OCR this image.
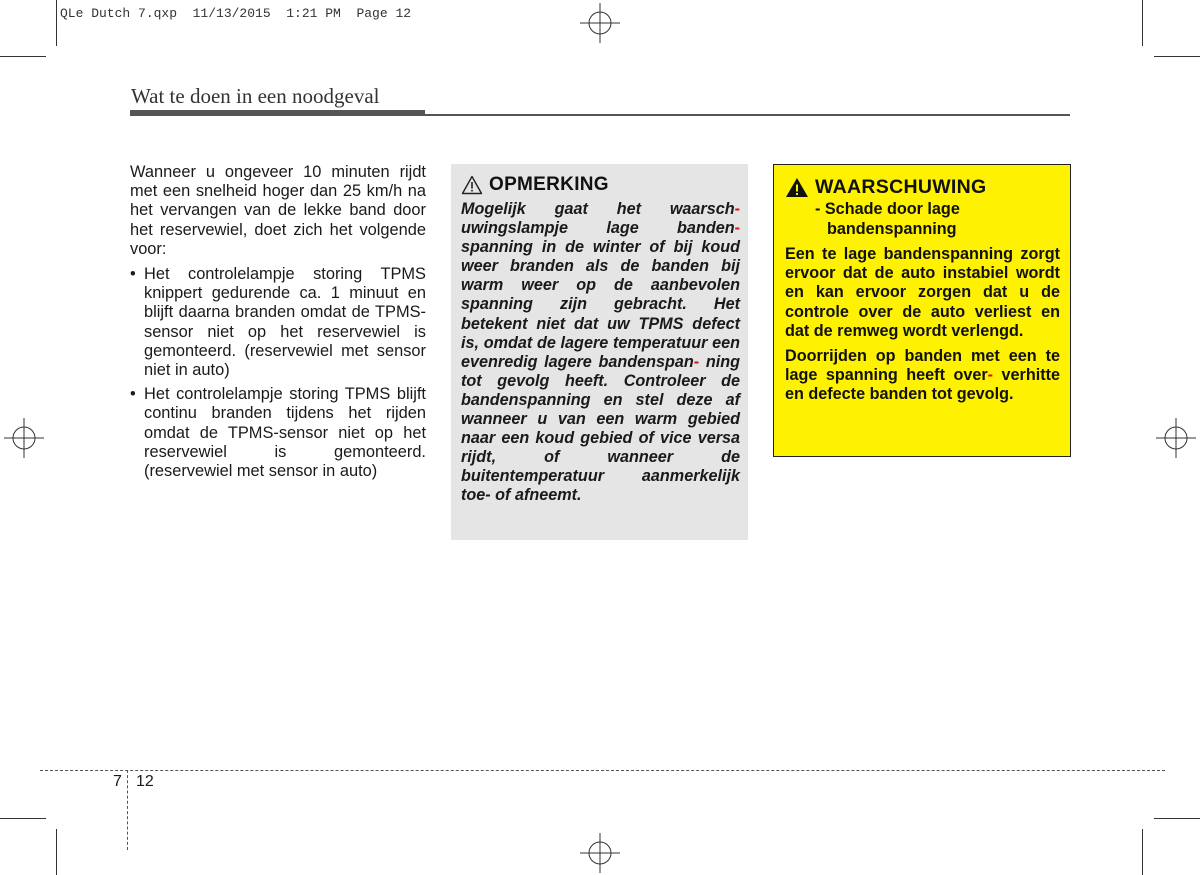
QLe Dutch 7.qxp  11/13/2015  1:21 PM  Page 12
Wat te doen in een noodgeval

Wanneer u ongeveer 10 minuten rijdt met een snelheid hoger dan 25 km/h na het vervangen van de lekke band door het reservewiel, doet zich het volgende voor:

• Het controlelampje storing TPMS knippert gedurende ca. 1 minuut en blijft daarna branden omdat de TPMS-sensor niet op het reservewiel is gemonteerd. (reservewiel met sensor niet in auto)
• Het controlelampje storing TPMS blijft continu branden tijdens het rijden omdat de TPMS-sensor niet op het reservewiel is gemonteerd. (reservewiel met sensor in auto)
OPMERKING

Mogelijk gaat het waarsch- uwingslampje lage banden- spanning in de winter of bij koud weer branden als de banden bij warm weer op de aanbevolen spanning zijn gebracht. Het betekent niet dat uw TPMS defect is, omdat de lagere temperatuur een evenredig lagere bandenspan- ning tot gevolg heeft. Controleer de bandenspanning en stel deze af wanneer u van een warm gebied naar een koud gebied of vice versa rijdt, of wanneer de buitentemperatuur aanmerkelijk toe- of afneemt.

WAARSCHUWING
- Schade door lage
bandenspanning

Een te lage bandenspanning zorgt ervoor dat de auto instabiel wordt en kan ervoor zorgen dat u de controle over de auto verliest en dat de remweg wordt verlengd.

Doorrijden op banden met een te lage spanning heeft over- verhitte en defecte banden tot gevolg.

7 12
